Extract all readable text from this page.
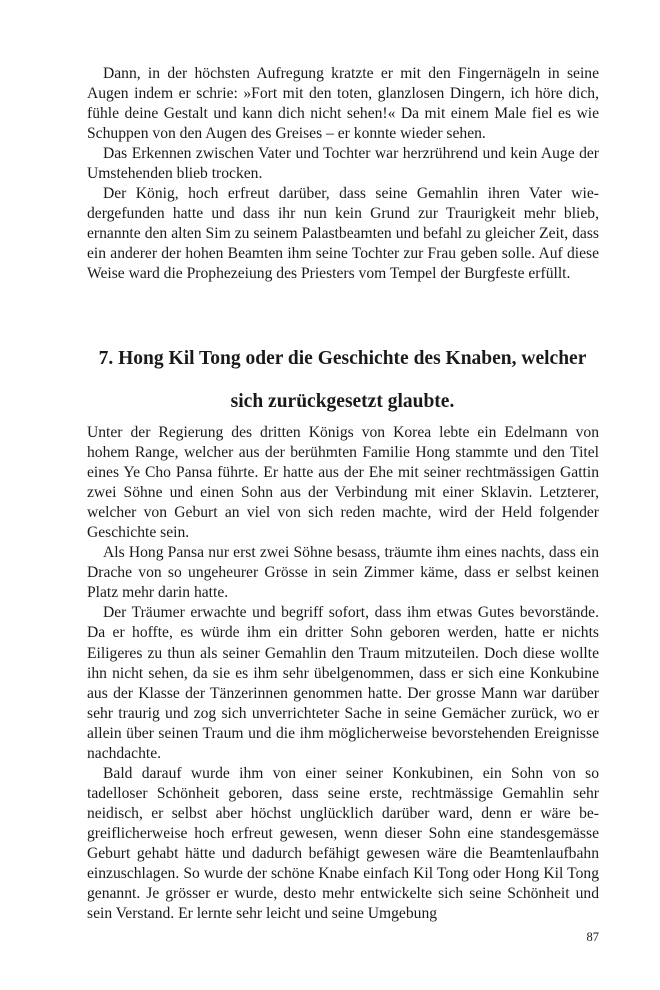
Dann, in der höchsten Aufregung kratzte er mit den Fingernägeln in seine Augen indem er schrie: »Fort mit den toten, glanzlosen Dingern, ich höre dich, fühle deine Gestalt und kann dich nicht sehen!« Da mit einem Male fiel es wie Schuppen von den Augen des Greises – er konnte wieder sehen.

Das Erkennen zwischen Vater und Tochter war herzrührend und kein Auge der Umstehenden blieb trocken.

Der König, hoch erfreut darüber, dass seine Gemahlin ihren Vater wiedergefunden hatte und dass ihr nun kein Grund zur Traurigkeit mehr blieb, ernannte den alten Sim zu seinem Palastbeamten und befahl zu gleicher Zeit, dass ein anderer der hohen Beamten ihm seine Tochter zur Frau geben solle. Auf diese Weise ward die Prophezeiung des Priesters vom Tempel der Burgfeste erfüllt.

7. Hong Kil Tong oder die Geschichte des Knaben, welcher
sich zurückgesetzt glaubte.

Unter der Regierung des dritten Königs von Korea lebte ein Edelmann von hohem Range, welcher aus der berühmten Familie Hong stammte und den Titel eines Ye Cho Pansa führte. Er hatte aus der Ehe mit seiner rechtmässigen Gattin zwei Söhne und einen Sohn aus der Verbindung mit einer Sklavin. Letzterer, welcher von Geburt an viel von sich reden machte, wird der Held folgender Geschichte sein.

Als Hong Pansa nur erst zwei Söhne besass, träumte ihm eines nachts, dass ein Drache von so ungeheurer Grösse in sein Zimmer käme, dass er selbst keinen Platz mehr darin hatte.

Der Träumer erwachte und begriff sofort, dass ihm etwas Gutes bevorstände. Da er hoffte, es würde ihm ein dritter Sohn geboren werden, hatte er nichts Eiligeres zu thun als seiner Gemahlin den Traum mitzuteilen. Doch diese wollte ihn nicht sehen, da sie es ihm sehr übelgenommen, dass er sich eine Konkubine aus der Klasse der Tänzerinnen genommen hatte. Der grosse Mann war darüber sehr traurig und zog sich unverrichteter Sache in seine Gemächer zurück, wo er allein über seinen Traum und die ihm möglicherweise bevorstehenden Ereignisse nachdachte.

Bald darauf wurde ihm von einer seiner Konkubinen, ein Sohn von so tadelloser Schönheit geboren, dass seine erste, rechtmässige Gemahlin sehr neidisch, er selbst aber höchst unglücklich darüber ward, denn er wäre begreiflicherweise hoch erfreut gewesen, wenn dieser Sohn eine standesgemässe Geburt gehabt hätte und dadurch befähigt gewesen wäre die Beamtenlaufbahn einzuschlagen. So wurde der schöne Knabe einfach Kil Tong oder Hong Kil Tong genannt. Je grösser er wurde, desto mehr entwickelte sich seine Schönheit und sein Verstand. Er lernte sehr leicht und seine Umgebung

87
